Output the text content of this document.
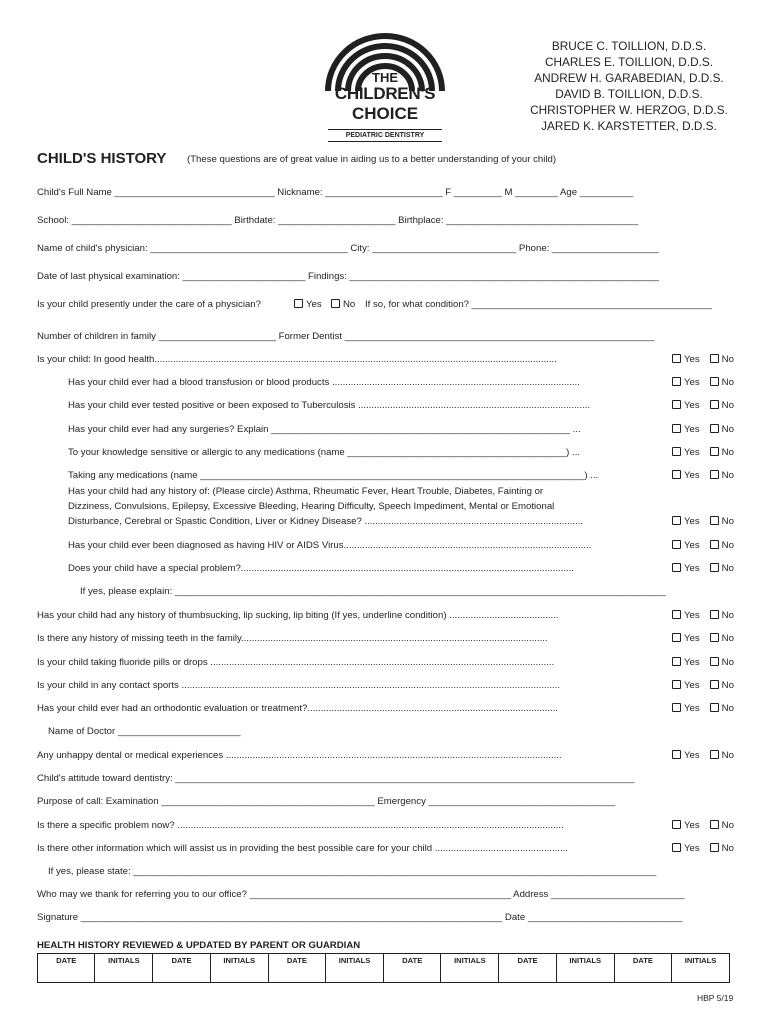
THE
CHILDREN'S
CHOICE
PEDIATRIC DENTISTRY
BRUCE C. TOILLION, D.D.S.
CHARLES E. TOILLION, D.D.S.
ANDREW H. GARABEDIAN, D.D.S.
DAVID B. TOILLION, D.D.S.
CHRISTOPHER W. HERZOG, D.D.S.
JARED K. KARSTETTER, D.D.S.
CHILD'S HISTORY (These questions are of great value in aiding us to a better understanding of your child)
Child's Full Name ______________________________ Nickname: ______________________ F _________ M ________ Age __________
School: ______________________________ Birthdate: ______________________ Birthplace: ____________________________________
Name of child's physician: _____________________________________ City: ___________________________ Phone: ____________________
Date of last physical examination: _______________________ Findings: __________________________________________________________
Is your child presently under the care of a physician?	Yes	No If so, for what condition? _____________________________________________
Number of children in family ______________________ Former Dentist __________________________________________________________
Is your child: In good health.......................................................................................................................................................	Yes No
Has your child ever had a blood transfusion or blood products .............................................................................................	Yes No
Has your child ever tested positive or been exposed to Tuberculosis .......................................................................................	Yes No
Has your child ever had any surgeries? Explain ________________________________________________________ ...	Yes No
To your knowledge sensitive or allergic to any medications (name _________________________________________) ...	Yes No
Taking any medications (name ________________________________________________________________________) ...	Yes No
Has your child had any history of: (Please circle) Asthma, Rheumatic Fever, Heart Trouble, Diabetes, Fainting or
Dizziness, Convulsions, Epilepsy, Excessive Bleeding, Hearing Difficulty, Speech Impediment, Mental or Emotional
Disturbance, Cerebral or Spastic Condition, Liver or Kidney Disease? ..................................................................................	Yes No
Has your child ever been diagnosed as having HIV or AIDS Virus.............................................................................................	Yes No
Does your child have a special problem?.............................................................................................................................	Yes No
If yes, please explain: ____________________________________________________________________________________________
Has your child had any history of thumbsucking, lip sucking, lip biting (If yes, underline condition) .........................................	Yes No
Is there any history of missing teeth in the family...................................................................................................................	Yes No
Is your child taking fluoride pills or drops .................................................................................................................................	Yes No
Is your child in any contact sports ..............................................................................................................................................	Yes No
Has your child ever had an orthodontic evaluation or treatment?..............................................................................................	Yes No
Name of Doctor _______________________
Any unhappy dental or medical experiences ..............................................................................................................................	Yes No
Child's attitude toward dentistry: ______________________________________________________________________________________
Purpose of call: Examination ________________________________________ Emergency ___________________________________
Is there a specific problem now? .................................................................................................................................................	Yes No
Is there other information which will assist us in providing the best possible care for your child ..................................................	Yes No
If yes, please state: __________________________________________________________________________________________________
Who may we thank for referring you to our office? _________________________________________________ Address _________________________
Signature _______________________________________________________________________________ Date _____________________________
HEALTH HISTORY REVIEWED & UPDATED BY PARENT OR GUARDIAN
DATE	INITIALS	DATE	INITIALS	DATE	INITIALS	DATE	INITIALS	DATE	INITIALS	DATE	INITIALS
HBP 5/19
